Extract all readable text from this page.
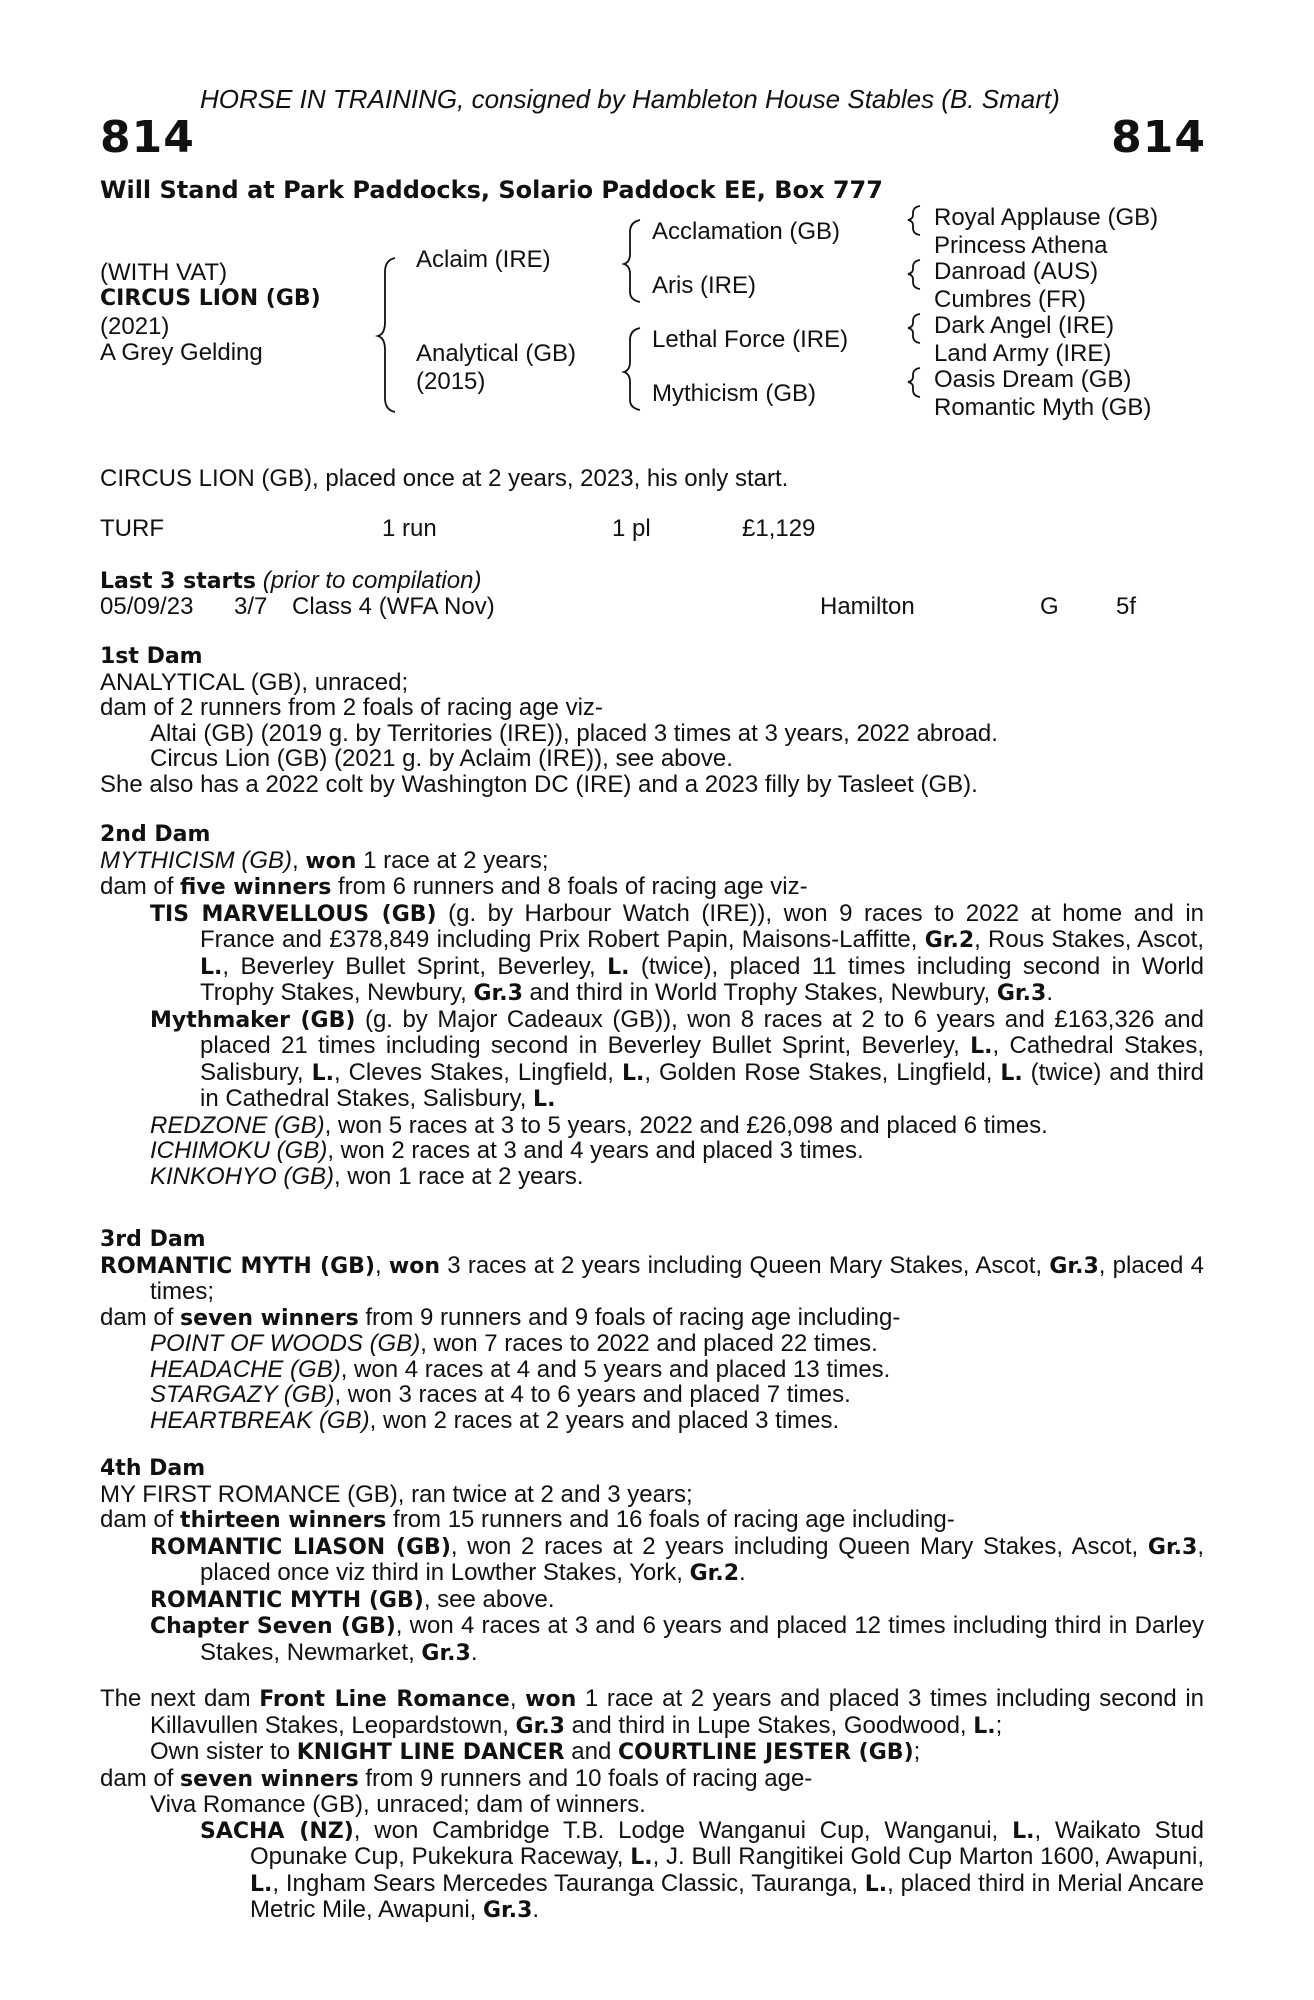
HORSE IN TRAINING, consigned by Hambleton House Stables (B. Smart)
814	814
Will Stand at Park Paddocks, Solario Paddock EE, Box 777
(WITH VAT)
CIRCUS LION (GB)
(2021)
A Grey Gelding
Aclaim (IRE)
Analytical (GB)
(2015)
Acclamation (GB)
Aris (IRE)
Lethal Force (IRE)
Mythicism (GB)
Royal Applause (GB)
Princess Athena
Danroad (AUS)
Cumbres (FR)
Dark Angel (IRE)
Land Army (IRE)
Oasis Dream (GB)
Romantic Myth (GB)
CIRCUS LION (GB), placed once at 2 years, 2023, his only start.
TURF	1 run	1 pl	£1,129
Last 3 starts (prior to compilation)
05/09/23 3/7 Class 4 (WFA Nov)	Hamilton	G 5f

1st Dam

ANALYTICAL (GB), unraced;

dam of 2 runners from 2 foals of racing age viz-

Altai (GB) (2019 g. by Territories (IRE)), placed 3 times at 3 years, 2022 abroad.

Circus Lion (GB) (2021 g. by Aclaim (IRE)), see above.

She also has a 2022 colt by Washington DC (IRE) and a 2023 filly by Tasleet (GB).

2nd Dam

MYTHICISM (GB), won 1 race at 2 years;

dam of five winners from 6 runners and 8 foals of racing age viz-

TIS MARVELLOUS (GB) (g. by Harbour Watch (IRE)), won 9 races to 2022 at home and in France and £378,849 including Prix Robert Papin, Maisons-Laffitte, Gr.2, Rous Stakes, Ascot, L., Beverley Bullet Sprint, Beverley, L. (twice), placed 11 times including second in World Trophy Stakes, Newbury, Gr.3 and third in World Trophy Stakes, Newbury, Gr.3.

Mythmaker (GB) (g. by Major Cadeaux (GB)), won 8 races at 2 to 6 years and £163,326 and placed 21 times including second in Beverley Bullet Sprint, Beverley, L., Cathedral Stakes, Salisbury, L., Cleves Stakes, Lingfield, L., Golden Rose Stakes, Lingfield, L. (twice) and third in Cathedral Stakes, Salisbury, L.

REDZONE (GB), won 5 races at 3 to 5 years, 2022 and £26,098 and placed 6 times.

ICHIMOKU (GB), won 2 races at 3 and 4 years and placed 3 times.

KINKOHYO (GB), won 1 race at 2 years.

3rd Dam

ROMANTIC MYTH (GB), won 3 races at 2 years including Queen Mary Stakes, Ascot, Gr.3, placed 4 times;

dam of seven winners from 9 runners and 9 foals of racing age including-

POINT OF WOODS (GB), won 7 races to 2022 and placed 22 times.

HEADACHE (GB), won 4 races at 4 and 5 years and placed 13 times.

STARGAZY (GB), won 3 races at 4 to 6 years and placed 7 times.

HEARTBREAK (GB), won 2 races at 2 years and placed 3 times.

4th Dam

MY FIRST ROMANCE (GB), ran twice at 2 and 3 years;

dam of thirteen winners from 15 runners and 16 foals of racing age including-

ROMANTIC LIASON (GB), won 2 races at 2 years including Queen Mary Stakes, Ascot, Gr.3, placed once viz third in Lowther Stakes, York, Gr.2.

ROMANTIC MYTH (GB), see above.

Chapter Seven (GB), won 4 races at 3 and 6 years and placed 12 times including third in Darley Stakes, Newmarket, Gr.3.

The next dam Front Line Romance, won 1 race at 2 years and placed 3 times including second in Killavullen Stakes, Leopardstown, Gr.3 and third in Lupe Stakes, Goodwood, L.;

Own sister to KNIGHT LINE DANCER and COURTLINE JESTER (GB);

dam of seven winners from 9 runners and 10 foals of racing age-

Viva Romance (GB), unraced; dam of winners.

SACHA (NZ), won Cambridge T.B. Lodge Wanganui Cup, Wanganui, L., Waikato Stud Opunake Cup, Pukekura Raceway, L., J. Bull Rangitikei Gold Cup Marton 1600, Awapuni, L., Ingham Sears Mercedes Tauranga Classic, Tauranga, L., placed third in Merial Ancare Metric Mile, Awapuni, Gr.3.
